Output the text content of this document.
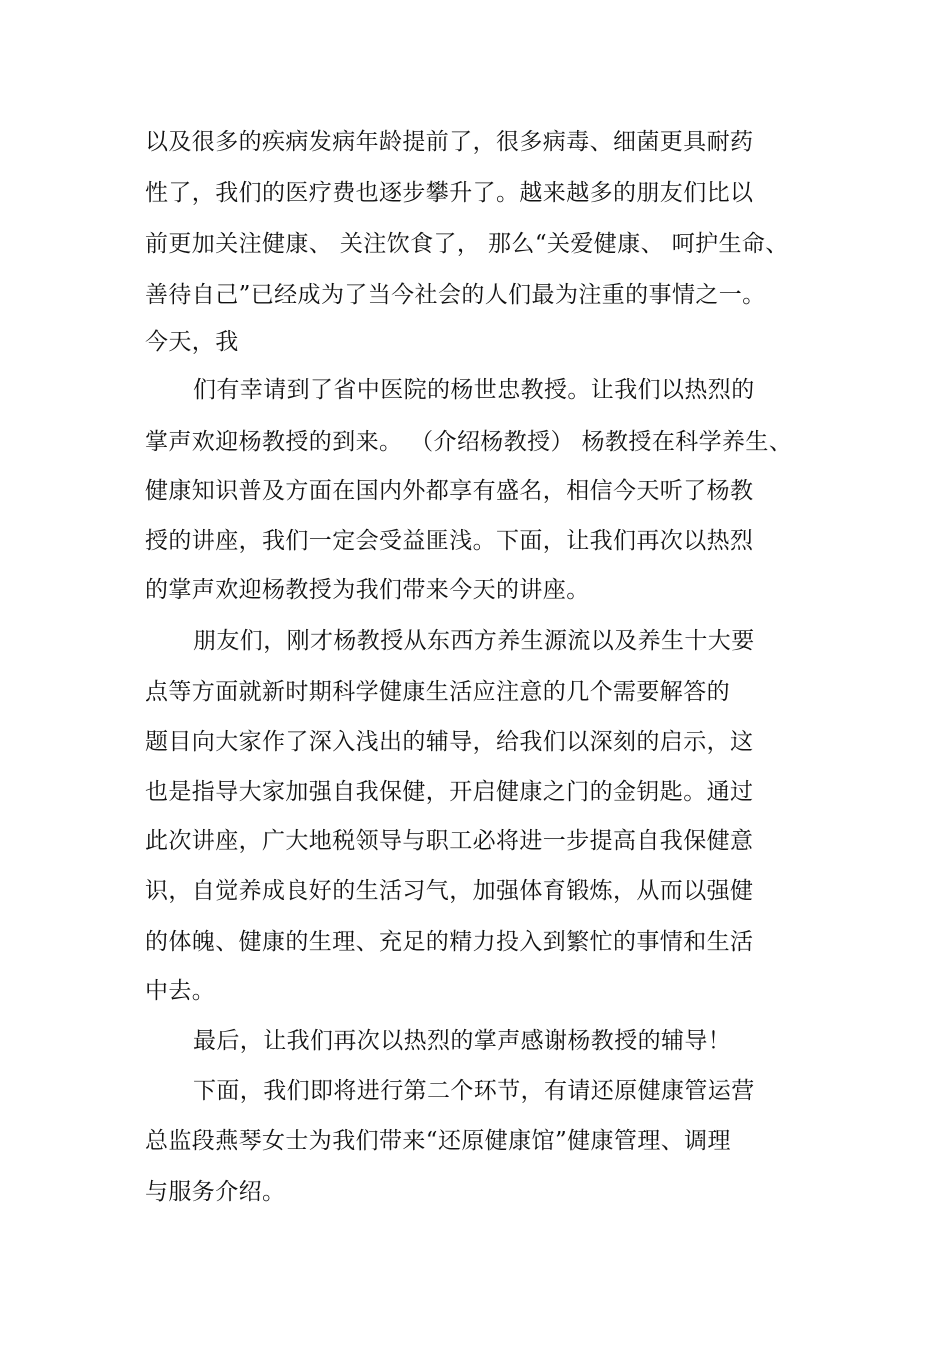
以及很多的疾病发病年龄提前了，很多病毒、细菌更具耐药
性了，我们的医疗费也逐步攀升了。越来越多的朋友们比以
前更加关注健康、 关注饮食了， 那么“关爱健康、 呵护生命、
善待自己”已经成为了当今社会的人们最为注重的事情之一。
今天，我
们有幸请到了省中医院的杨世忠教授。让我们以热烈的
掌声欢迎杨教授的到来。 （介绍杨教授） 杨教授在科学养生、
健康知识普及方面在国内外都享有盛名，相信今天听了杨教
授的讲座，我们一定会受益匪浅。下面，让我们再次以热烈
的掌声欢迎杨教授为我们带来今天的讲座。
朋友们，刚才杨教授从东西方养生源流以及养生十大要
点等方面就新时期科学健康生活应注意的几个需要解答的
题目向大家作了深入浅出的辅导，给我们以深刻的启示，这
也是指导大家加强自我保健，开启健康之门的金钥匙。通过
此次讲座，广大地税领导与职工必将进一步提高自我保健意
识，自觉养成良好的生活习气，加强体育锻炼，从而以强健
的体魄、健康的生理、充足的精力投入到繁忙的事情和生活
中去。
最后，让我们再次以热烈的掌声感谢杨教授的辅导！
下面，我们即将进行第二个环节，有请还原健康管运营
总监段燕琴女士为我们带来“还原健康馆”健康管理、调理
与服务介绍。
